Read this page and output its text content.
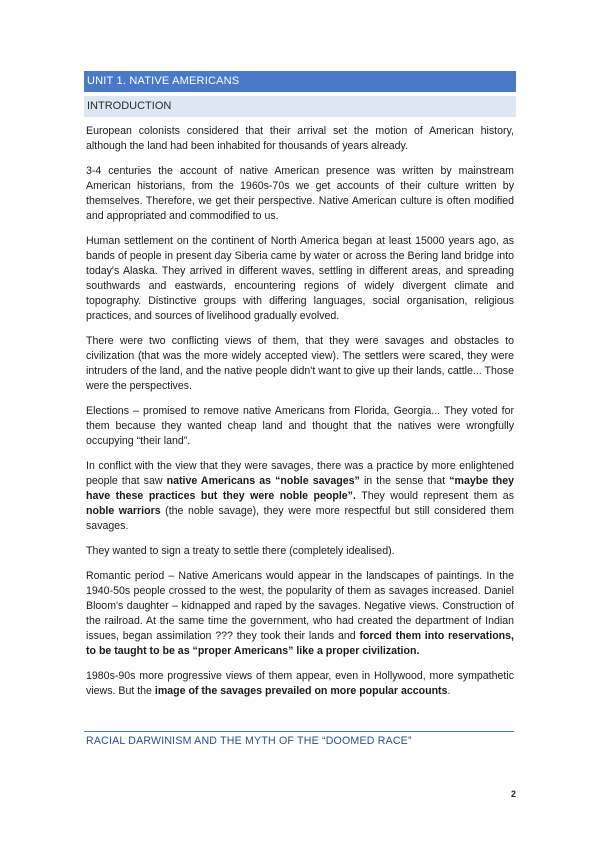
UNIT 1. NATIVE AMERICANS
INTRODUCTION

European colonists considered that their arrival set the motion of American history, although the land had been inhabited for thousands of years already.

3-4 centuries the account of native American presence was written by mainstream American historians, from the 1960s-70s we get accounts of their culture written by themselves. Therefore, we get their perspective. Native American culture is often modified and appropriated and commodified to us.

Human settlement on the continent of North America began at least 15000 years ago, as bands of people in present day Siberia came by water or across the Bering land bridge into today's Alaska. They arrived in different waves, settling in different areas, and spreading southwards and eastwards, encountering regions of widely divergent climate and topography. Distinctive groups with differing languages, social organisation, religious practices, and sources of livelihood gradually evolved.

There were two conflicting views of them, that they were savages and obstacles to civilization (that was the more widely accepted view). The settlers were scared, they were intruders of the land, and the native people didn't want to give up their lands, cattle... Those were the perspectives.

Elections – promised to remove native Americans from Florida, Georgia... They voted for them because they wanted cheap land and thought that the natives were wrongfully occupying “their land”.

In conflict with the view that they were savages, there was a practice by more enlightened people that saw native Americans as “noble savages” in the sense that “maybe they have these practices but they were noble people”. They would represent them as noble warriors (the noble savage), they were more respectful but still considered them savages.

They wanted to sign a treaty to settle there (completely idealised).

Romantic period – Native Americans would appear in the landscapes of paintings. In the 1940-50s people crossed to the west, the popularity of them as savages increased. Daniel Bloom's daughter – kidnapped and raped by the savages. Negative views. Construction of the railroad. At the same time the government, who had created the department of Indian issues, began assimilation ??? they took their lands and forced them into reservations, to be taught to be as “proper Americans” like a proper civilization.

1980s-90s more progressive views of them appear, even in Hollywood, more sympathetic views. But the image of the savages prevailed on more popular accounts.

RACIAL DARWINISM AND THE MYTH OF THE “DOOMED RACE”
2
